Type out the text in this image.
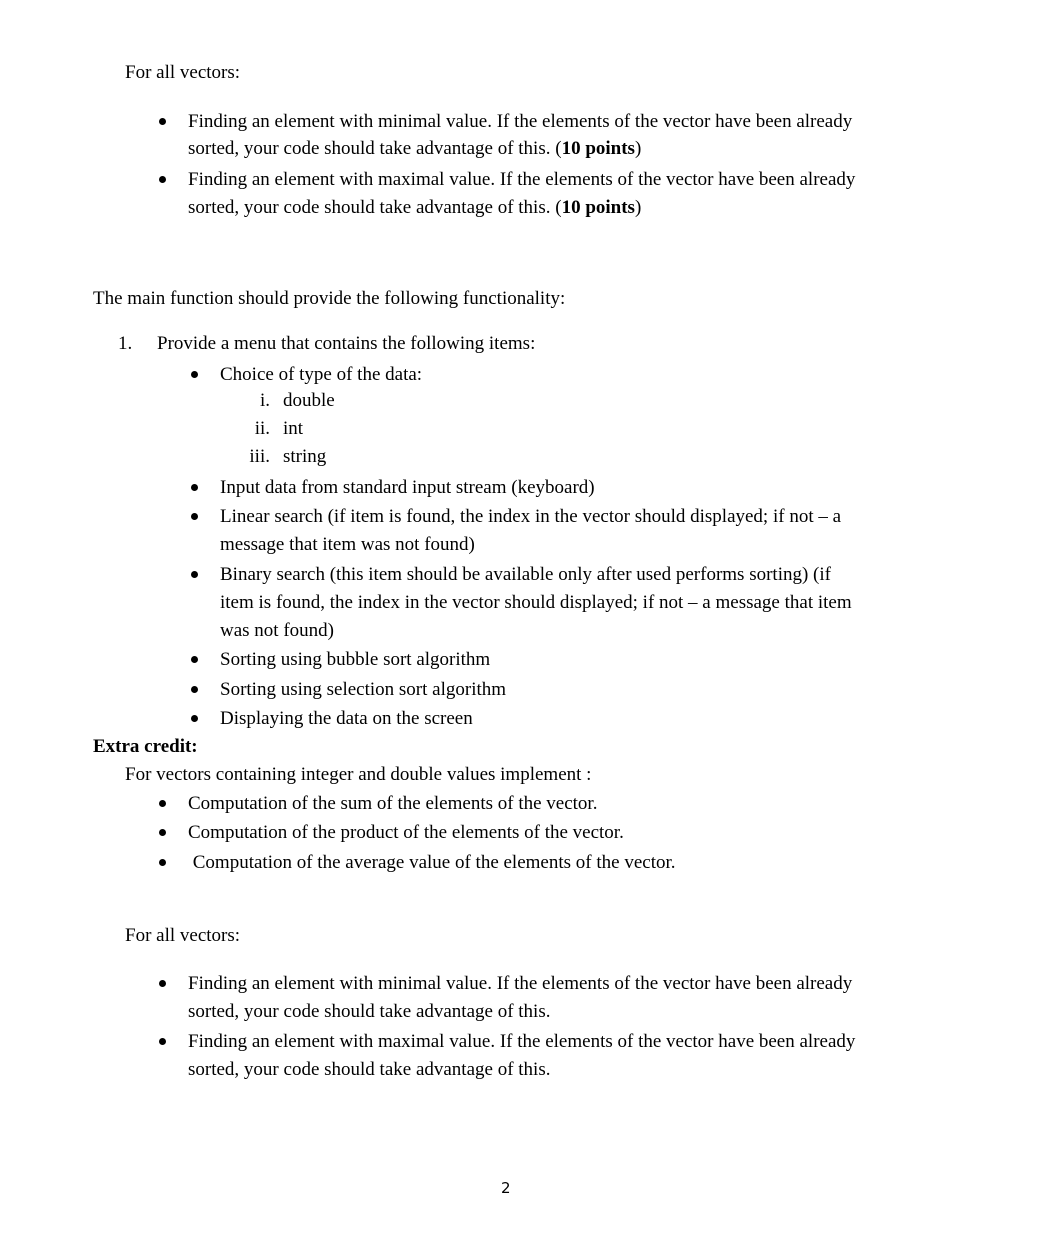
For all vectors:
Finding an element with minimal value. If the elements of the vector have been already
sorted, your code should take advantage of this. (10 points)
Finding an element with maximal value. If the elements of the vector have been already
sorted, your code should take advantage of this. (10 points)
The main function should provide the following functionality:
1.	Provide a menu that contains the following items:
Choice of type of the data:
i. double
ii. int
iii. string
Input data from standard input stream (keyboard)
Linear search (if item is found, the index in the vector should displayed; if not – a
message that item was not found)
Binary search (this item should be available only after used performs sorting) (if
item is found, the index in the vector should displayed; if not – a message that item
was not found)
Sorting using bubble sort algorithm
Sorting using selection sort algorithm
Displaying the data on the screen
Extra credit:
For vectors containing integer and double values implement :
Computation of the sum of the elements of the vector.
Computation of the product of the elements of the vector.
Computation of the average value of the elements of the vector.
For all vectors:
Finding an element with minimal value. If the elements of the vector have been already
sorted, your code should take advantage of this.
Finding an element with maximal value. If the elements of the vector have been already
sorted, your code should take advantage of this.
2
